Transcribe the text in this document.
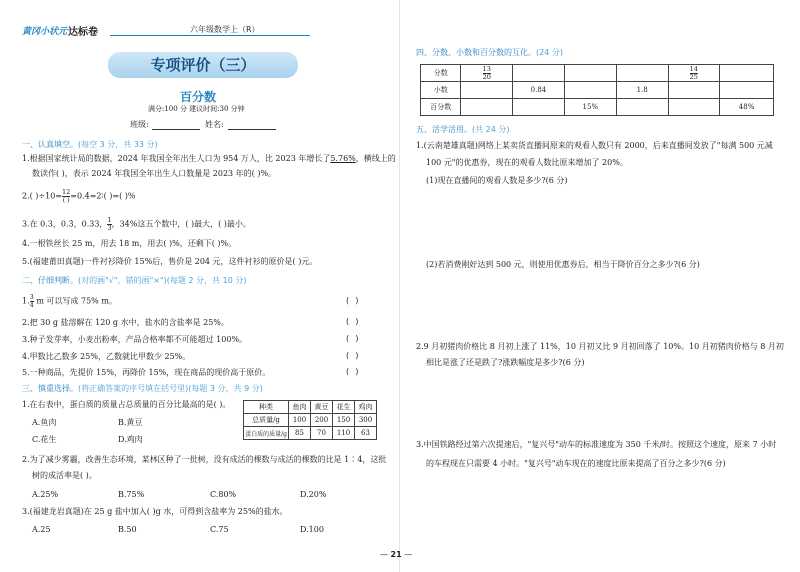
黄冈小状元 达标卷	六年级数学上（R）
专项评价（三）
百分数
满分:100 分 建议时间:30 分钟
班级:	姓名:
一、认真填空。(每空 3 分，共 33 分)
1.根据国家统计局的数据，2024 年我国全年出生人口为 954 万人，比 2023 年增长了5.76%，横线上的
数读作( )，表示 2024 年我国全年出生人口数量是 2023 年的( )%。
2.( )$\div 10= \frac{12}{( )}$ =0.4=2∶( )=( )%
3.在 0.3，0.3̇，0.33， $\frac{1}{3}$ ，34%这五个数中，( )最大，( )最小。
4.一根铁丝长 25 m，用去 18 m，用去( )%，还剩下( )%。
5.(福建莆田真题)一件衬衫降价 15%后，售价是 204 元，这件衬衫的原价是( )元。
二、仔细判断。(对的画"√"，错的画"×")(每题 2 分，共 10 分)
1. $\frac{3}{4}$ m 可以写成 75% m。	( )
2.把 30 g 盐溶解在 120 g 水中，盐水的含盐率是 25%。	( )
3.种子发芽率，小麦出粉率，产品合格率都不可能超过 100%。	( )
4.甲数比乙数多 25%，乙数就比甲数少 25%。	( )
5.一种商品，先提价 15%，再降价 15%，现在商品的现价高于原价。	( )
三、慎重选择。(将正确答案的序号填在括号里)(每题 3 分，共 9 分)
1.在右表中，蛋白质的质量占总质量的百分比最高的是( )。
A.鱼肉	B.黄豆
C.花生	D.鸡肉
种类	鱼肉	黄豆	花生	鸡肉
总质量/g	100	200	150	300
蛋白质的质量/g	85	70	110	63
2.为了减少雾霾，改善生态环境，某林区种了一批树，没有成活的棵数与成活的棵数的比是 1∶4，这批
树的成活率是( )。
A.25%	B.75%	C.80%	D.20%
3.(福建龙岩真题)在 25 g 盐中加入( )g 水，可得到含盐率为 25%的盐水。
A.25	B.50	C.75	D.100
四、分数、小数和百分数的互化。(24 分)
分数	$\frac{13}{20}$				$\frac{14}{25}$

小数		0.84		1.8		
百分数			15%			48%
五、活学活用。(共 24 分)
1.(云南楚雄真题)网络上某卖货直播间原来的观看人数只有 2000，后来直播间发放了"每满 500 元减
100 元"的优惠券，现在的观看人数比原来增加了 20%。
(1)现在直播间的观看人数是多少?(6 分)
(2)若消费刚好达到 500 元，则使用优惠券后，相当于降价百分之多少?(6 分)
2.9 月初猪肉价格比 8 月初上涨了 11%，10 月初又比 9 月初回落了 10%。10 月初猪肉价格与 8 月初
相比是涨了还是跌了?涨跌幅度是多少?(6 分)
3.中国铁路经过第六次提速后，"复兴号"动车的标准速度为 350 千米/时。按照这个速度，原来 7 小时
的车程现在只需要 4 小时。"复兴号"动车现在的速度比原来提高了百分之多少?(6 分)
— 21 —
